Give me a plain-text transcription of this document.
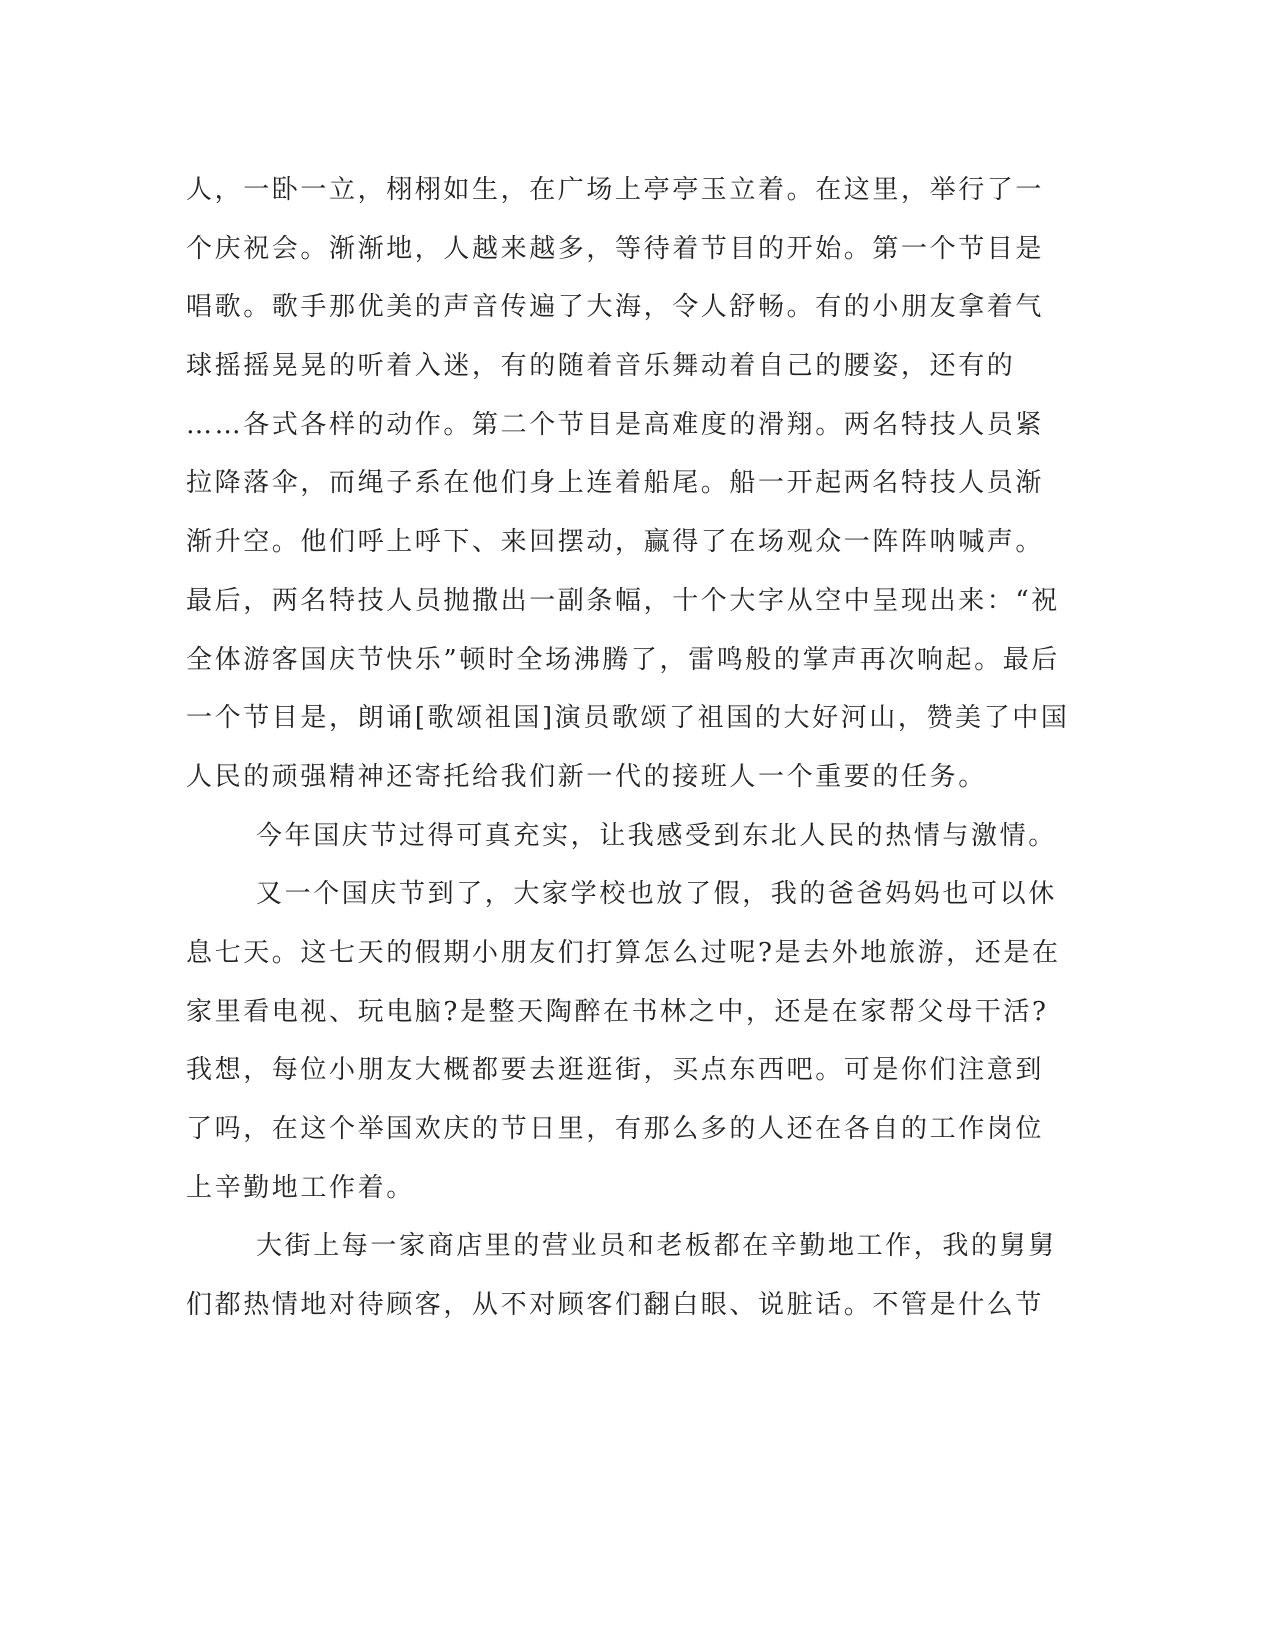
人，一卧一立，栩栩如生，在广场上亭亭玉立着。在这里，举行了一
个庆祝会。渐渐地，人越来越多，等待着节目的开始。第一个节目是
唱歌。歌手那优美的声音传遍了大海，令人舒畅。有的小朋友拿着气
球摇摇晃晃的听着入迷，有的随着音乐舞动着自己的腰姿，还有的
……各式各样的动作。第二个节目是高难度的滑翔。两名特技人员紧
拉降落伞，而绳子系在他们身上连着船尾。船一开起两名特技人员渐
渐升空。他们呼上呼下、来回摆动，赢得了在场观众一阵阵呐喊声。
最后，两名特技人员抛撒出一副条幅，十个大字从空中呈现出来：“祝
全体游客国庆节快乐”顿时全场沸腾了，雷鸣般的掌声再次响起。最后
一个节目是，朗诵[歌颂祖国]演员歌颂了祖国的大好河山，赞美了中国
人民的顽强精神还寄托给我们新一代的接班人一个重要的任务。
今年国庆节过得可真充实，让我感受到东北人民的热情与激情。
又一个国庆节到了，大家学校也放了假，我的爸爸妈妈也可以休
息七天。这七天的假期小朋友们打算怎么过呢?是去外地旅游，还是在
家里看电视、玩电脑?是整天陶醉在书林之中，还是在家帮父母干活?
我想，每位小朋友大概都要去逛逛街，买点东西吧。可是你们注意到
了吗，在这个举国欢庆的节日里，有那么多的人还在各自的工作岗位
上辛勤地工作着。
大街上每一家商店里的营业员和老板都在辛勤地工作，我的舅舅
们都热情地对待顾客，从不对顾客们翻白眼、说脏话。不管是什么节
